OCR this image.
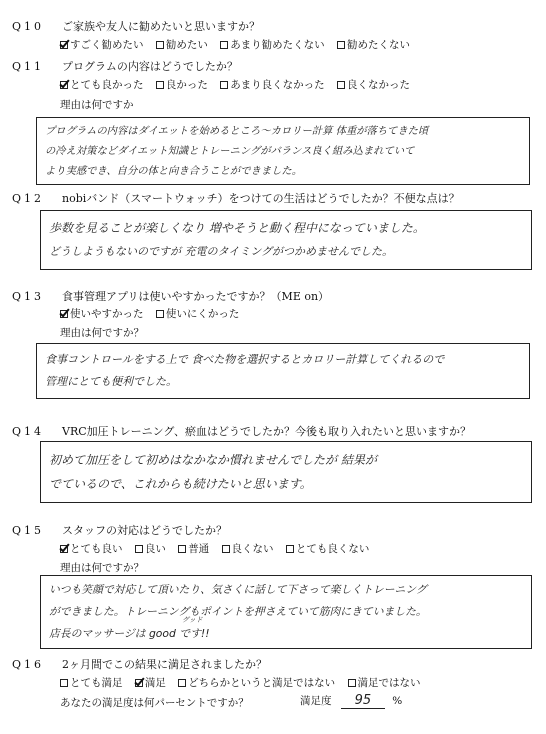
Q10 ご家族や友人に勧めたいと思いますか？
すごく勧めたい 勧めたい あまり勧めたくない 勧めたくない
Q11 プログラムの内容はどうでしたか？
とても良かった 良かった あまり良くなかった 良くなかった
理由は何ですか
プログラムの内容はダイエットを始めるところ〜カロリー計算 体重が落ちてきた頃
の冷え対策などダイエット知識とトレーニングがバランス良く組み込まれていて
より実感でき、自分の体と向き合うことができました。
Q12 nobiバンド（スマートウォッチ）をつけての生活はどうでしたか？不便な点は？
歩数を見ることが楽しくなり 増やそうと動く程中になっていました。
どうしようもないのですが 充電のタイミングがつかめませんでした。
Q13 食事管理アプリは使いやすかったですか？（ME on）
使いやすかった 使いにくかった
理由は何ですか？
食事コントロールをする上で 食べた物を選択するとカロリー計算してくれるので
管理にとても便利でした。
Q14 VRC加圧トレーニング、瘀血はどうでしたか？今後も取り入れたいと思いますか？
初めて加圧をして初めはなかなか慣れませんでしたが 結果が
でているので、これからも続けたいと思います。
Q15 スタッフの対応はどうでしたか？
とても良い 良い 普通 良くない とても良くない
理由は何ですか？
いつも笑顔で対応して頂いたり、気さくに話して下さって楽しくトレーニング
ができました。トレーニングもポイントを押さえていて筋肉にきていました。
店長のマッサージは good です!!
グッド
Q16 2ヶ月間でこの結果に満足されましたか？
とても満足 満足 どちらかというと満足ではない 満足ではない
あなたの満足度は何パーセントですか？	満足度 95 %
